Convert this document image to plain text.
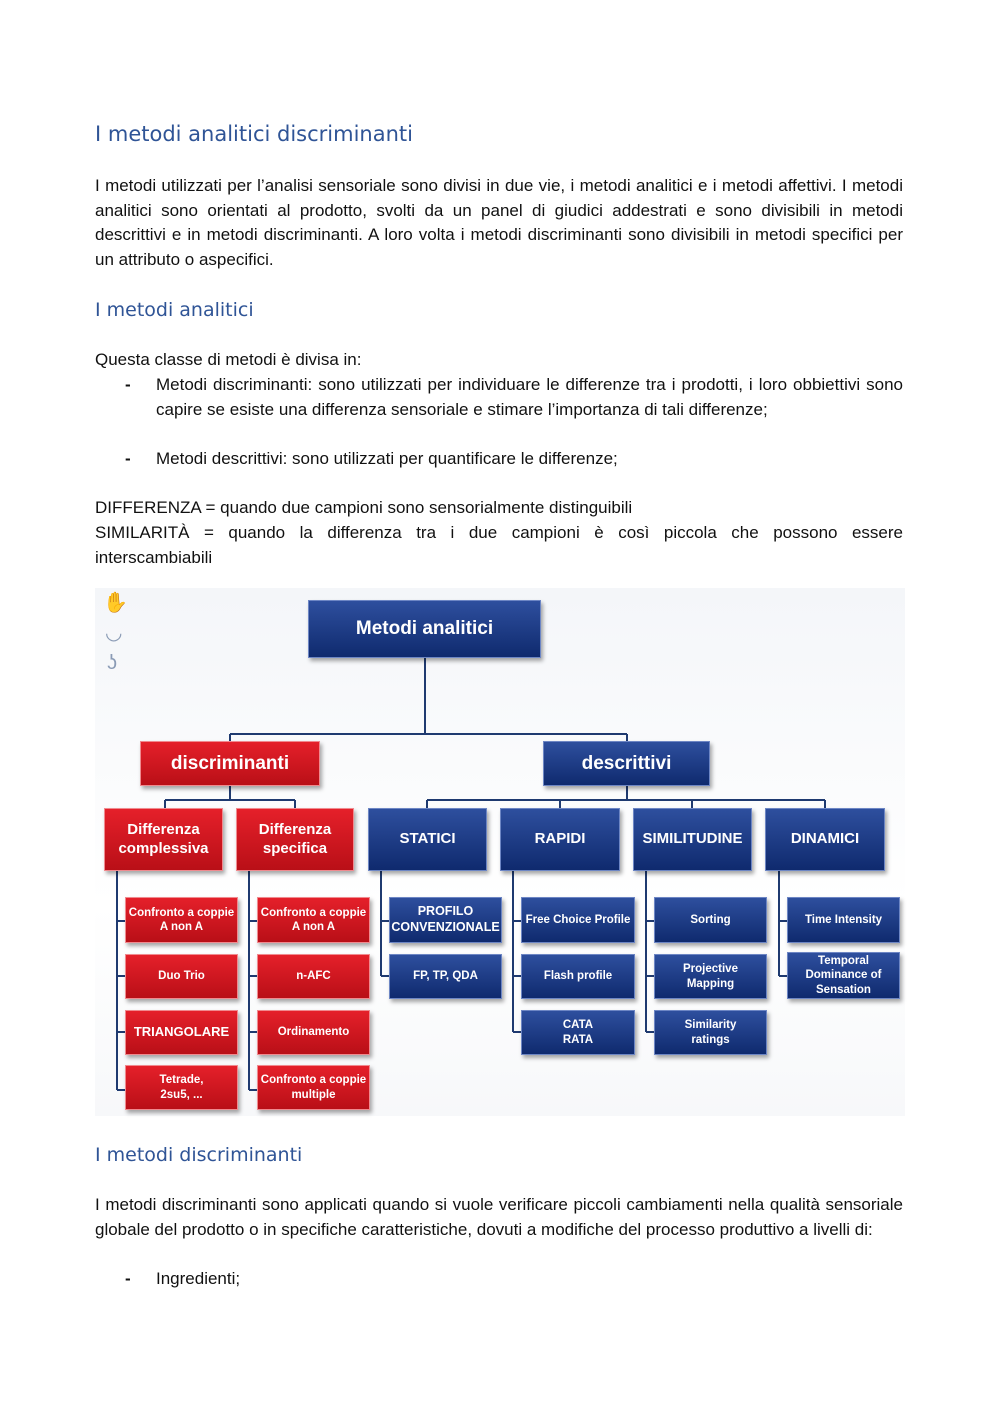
I metodi analitici discriminanti

I metodi utilizzati per l’analisi sensoriale sono divisi in due vie, i metodi analitici e i metodi affettivi. I metodi analitici sono orientati al prodotto, svolti da un panel di giudici addestrati e sono divisibili in metodi descrittivi e in metodi discriminanti. A loro volta i metodi discriminanti sono divisibili in metodi specifici per un attributo o aspecifici.

I metodi analitici

Questa classe di metodi è divisa in:

- Metodi discriminanti: sono utilizzati per individuare le differenze tra i prodotti, i loro obbiettivi sono capire se esiste una differenza sensoriale e stimare l’importanza di tali differenze;
- Metodi descrittivi: sono utilizzati per quantificare le differenze;

DIFFERENZA = quando due campioni sono sensorialmente distinguibili

SIMILARITÀ = quando la differenza tra i due campioni è così piccola che possono essere

interscambiabili

✋
◡
ʖ
Metodi analitici
discriminanti	descrittivi
Differenza
complessiva
Differenza
specifica
STATICI	RAPIDI	SIMILITUDINE	DINAMICI
Confronto a coppie
A non A
Duo Trio
TRIANGOLARE
Tetrade,
2su5, ...
Confronto a coppie
A non A
n-AFC
Ordinamento
Confronto a coppie
multiple
PROFILO
CONVENZIONALE
FP, TP, QDA
Free Choice Profile
Flash profile
CATA
RATA
Sorting
Projective
Mapping
Similarity
ratings
Time Intensity
Temporal
Dominance of
Sensation
I metodi discriminanti

I metodi discriminanti sono applicati quando si vuole verificare piccoli cambiamenti nella qualità sensoriale globale del prodotto o in specifiche caratteristiche, dovuti a modifiche del processo produttivo a livelli di:

- Ingredienti;
